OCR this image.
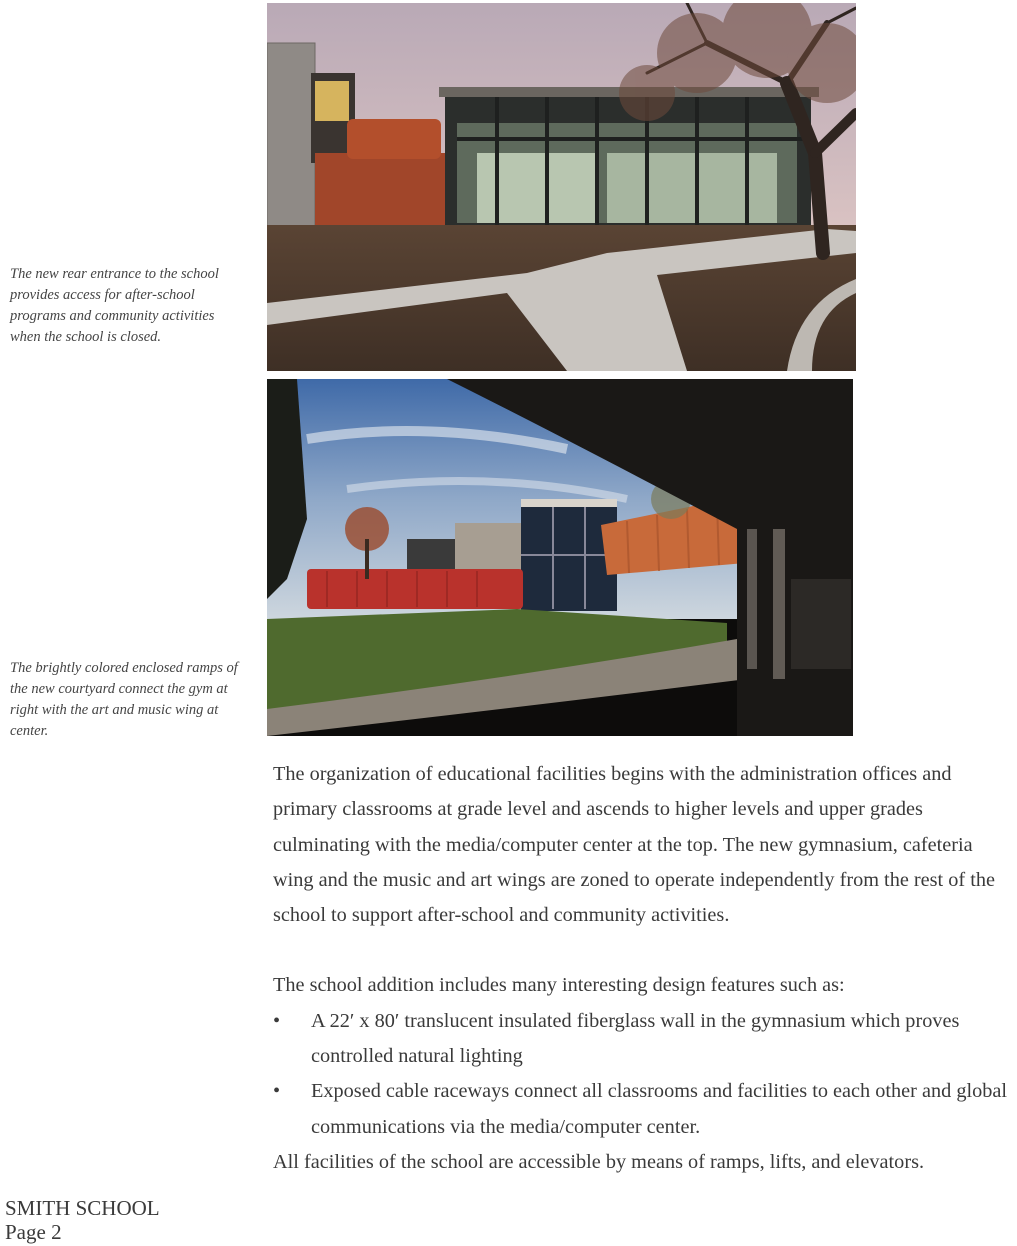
The new rear entrance to the school provides access for after-school programs and community activities when the school is closed.
The brightly colored enclosed ramps of the new courtyard connect the gym at right with the art and music wing at center.

The organization of educational facilities begins with the administration offices and primary classrooms at grade level and ascends to higher levels and upper grades culminating with the media/computer center at the top. The new gymnasium, cafeteria wing and the music and art wings are zoned to operate independently from the rest of the school to support after-school and community activities.

The school addition includes many interesting design features such as:

• A 22′ x 80′ translucent insulated fiberglass wall in the gymnasium which proves controlled natural lighting
• Exposed cable raceways connect all classrooms and facilities to each other and global communications via the media/computer center.

All facilities of the school are accessible by means of ramps, lifts, and elevators.

SMITH SCHOOL
Page 2
